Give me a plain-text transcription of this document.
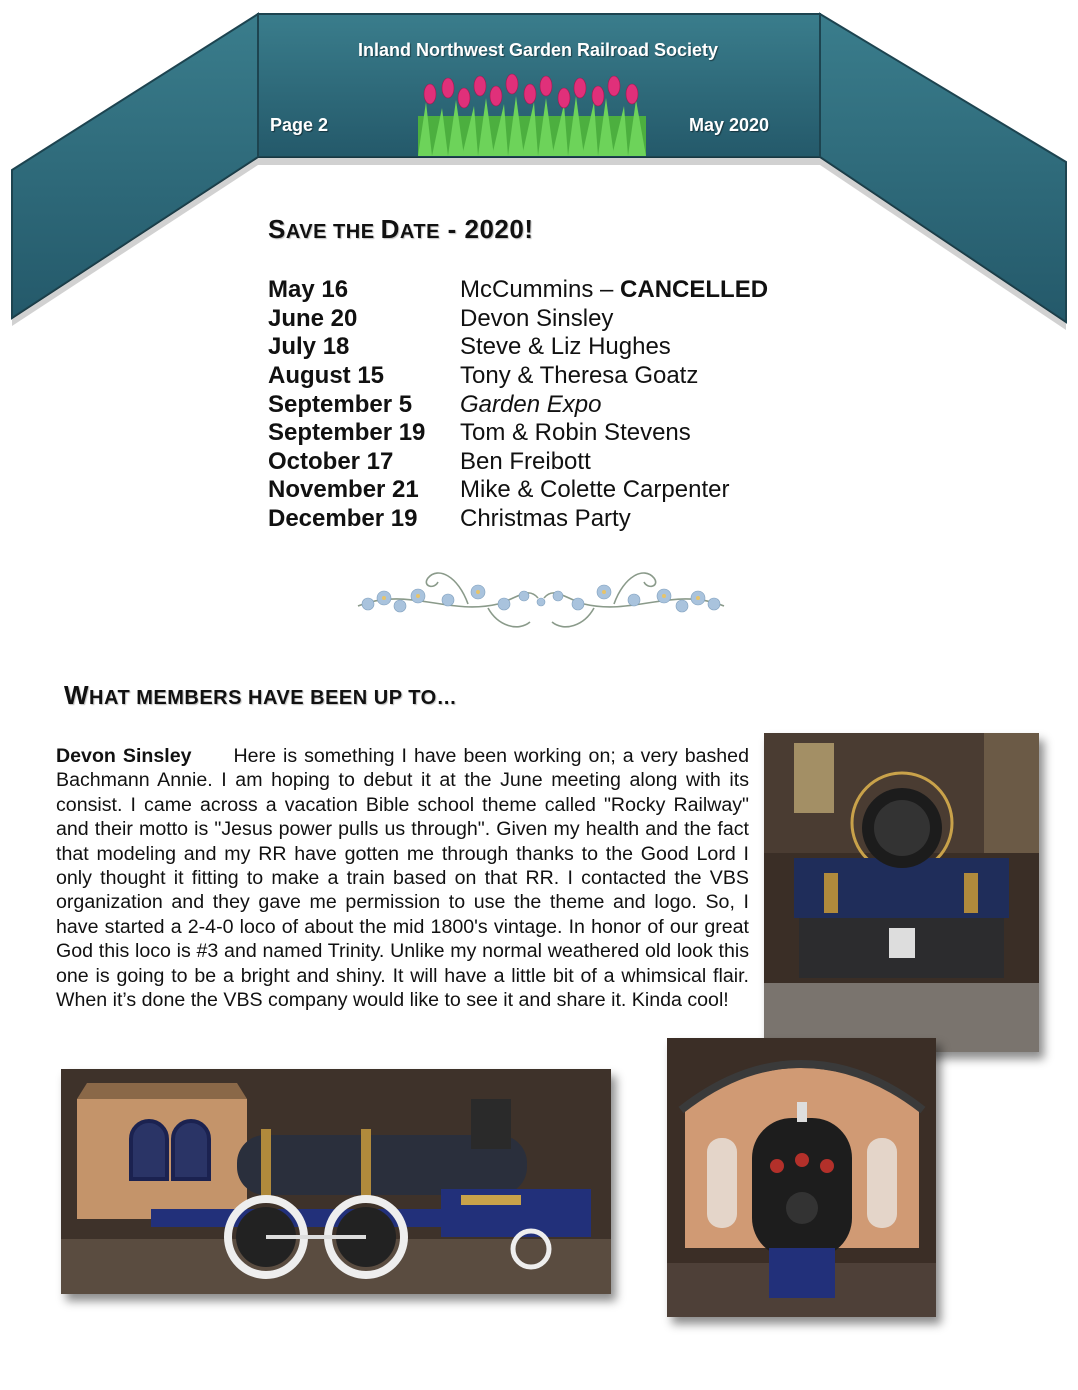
Inland Northwest Garden Railroad Society
Page 2	May 2020
SAVE THE DATE - 2020!
May 16	McCummins – CANCELLED
June 20	Devon Sinsley
July 18	Steve & Liz Hughes
August 15	Tony & Theresa Goatz
September 5	Garden Expo
September 19	Tom & Robin Stevens
October 17	Ben Freibott
November 21	Mike & Colette Carpenter
December 19	Christmas Party
WHAT MEMBERS HAVE BEEN UP TO…
Devon Sinsley Here is something I have been working on; a very bashed Bachmann Annie. I am hoping to debut it at the June meeting along with its consist. I came across a vacation Bible school theme called "Rocky Railway" and their motto is "Jesus power pulls us through". Given my health and the fact that modeling and my RR have gotten me through thanks to the Good Lord I only thought it fitting to make a train based on that RR. I contacted the VBS organization and they gave me permission to use the theme and logo. So, I have started a 2-4-0 loco of about the mid 1800's vintage. In honor of our great God this loco is #3 and named Trinity. Unlike my normal weathered old look this one is going to be a bright and shiny. It will have a little bit of a whimsical flair. When it’s done the VBS company would like to see it and share it. Kinda cool!
